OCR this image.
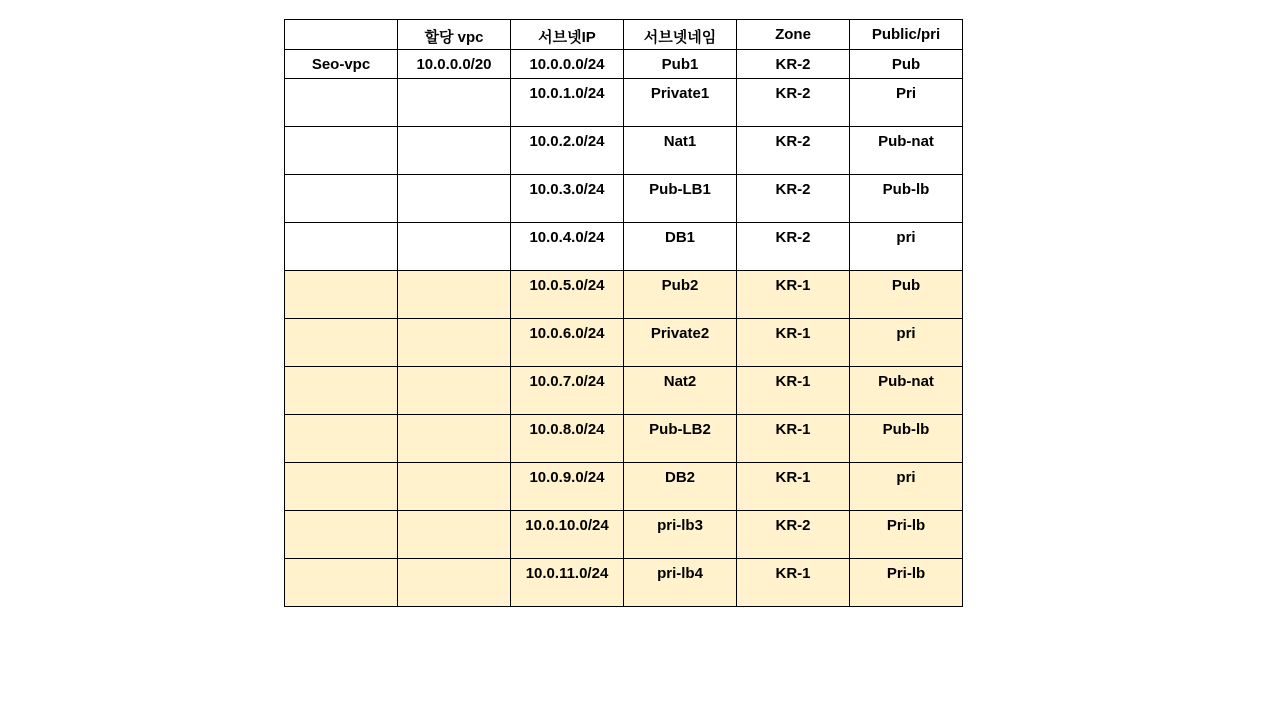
	할당 vpc	서브넷IP	서브넷네임	Zone	Public/pri
Seo-vpc	10.0.0.0/20	10.0.0.0/24	Pub1	KR-2	Pub
		10.0.1.0/24	Private1	KR-2	Pri
		10.0.2.0/24	Nat1	KR-2	Pub-nat
		10.0.3.0/24	Pub-LB1	KR-2	Pub-lb
		10.0.4.0/24	DB1	KR-2	pri
		10.0.5.0/24	Pub2	KR-1	Pub
		10.0.6.0/24	Private2	KR-1	pri
		10.0.7.0/24	Nat2	KR-1	Pub-nat
		10.0.8.0/24	Pub-LB2	KR-1	Pub-lb
		10.0.9.0/24	DB2	KR-1	pri
		10.0.10.0/24	pri-lb3	KR-2	Pri-lb
		10.0.11.0/24	pri-lb4	KR-1	Pri-lb
